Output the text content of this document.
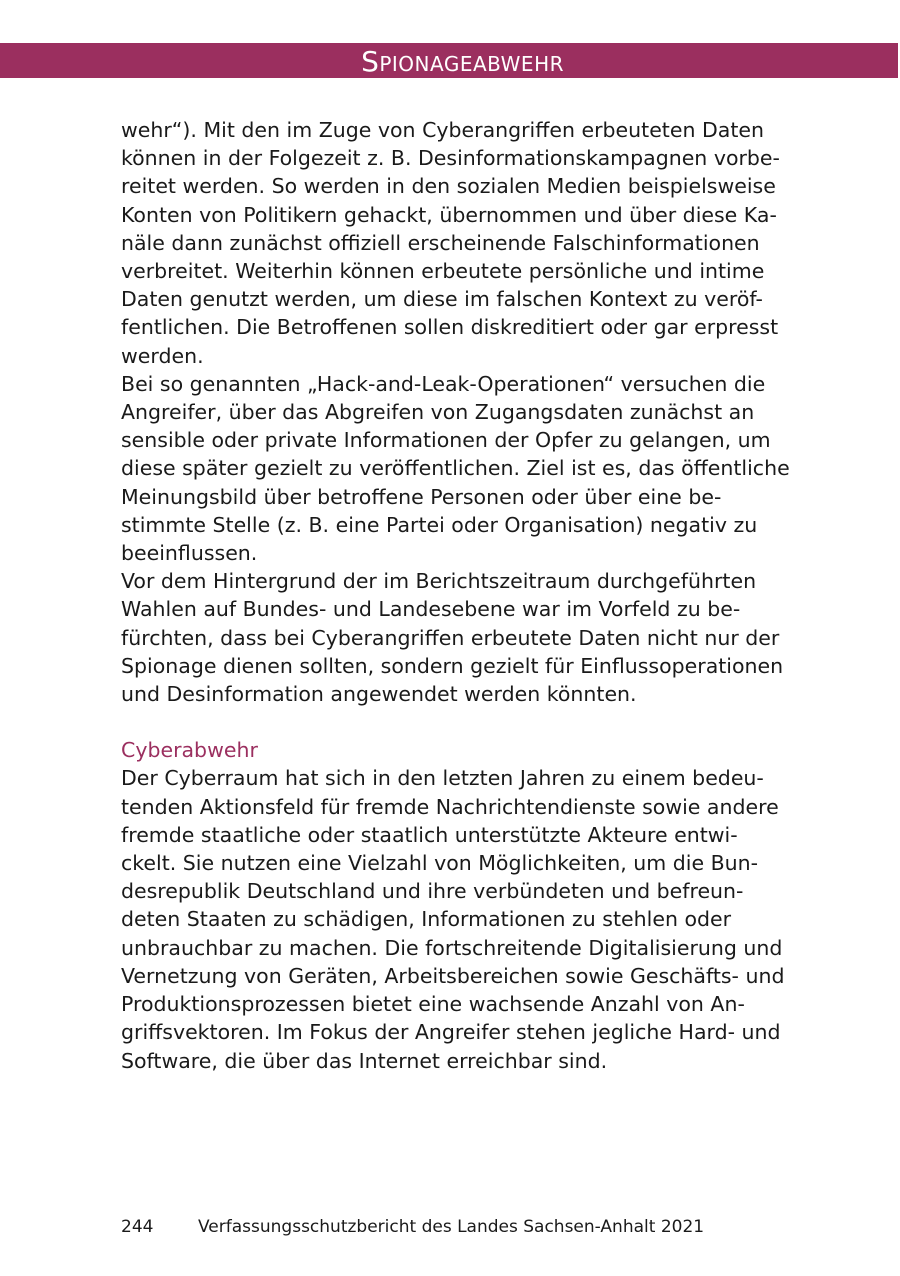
Spionageabwehr

wehr“). Mit den im Zuge von Cyberangriffen erbeuteten Daten
können in der Folgezeit z. B. Desinformationskampagnen vorbe-
reitet werden. So werden in den sozialen Medien beispielsweise
Konten von Politikern gehackt, übernommen und über diese Ka-
näle dann zunächst offiziell erscheinende Falschinformationen
verbreitet. Weiterhin können erbeutete persönliche und intime
Daten genutzt werden, um diese im falschen Kontext zu veröf-
fentlichen. Die Betroffenen sollen diskreditiert oder gar erpresst
werden.

Bei so genannten „Hack-and-Leak-Operationen“ versuchen die
Angreifer, über das Abgreifen von Zugangsdaten zunächst an
sensible oder private Informationen der Opfer zu gelangen, um
diese später gezielt zu veröffentlichen. Ziel ist es, das öffentliche
Meinungsbild über betroffene Personen oder über eine be-
stimmte Stelle (z. B. eine Partei oder Organisation) negativ zu
beeinflussen.

Vor dem Hintergrund der im Berichtszeitraum durchgeführten
Wahlen auf Bundes- und Landesebene war im Vorfeld zu be-
fürchten, dass bei Cyberangriffen erbeutete Daten nicht nur der
Spionage dienen sollten, sondern gezielt für Einflussoperationen
und Desinformation angewendet werden könnten.

Cyberabwehr

Der Cyberraum hat sich in den letzten Jahren zu einem bedeu-
tenden Aktionsfeld für fremde Nachrichtendienste sowie andere
fremde staatliche oder staatlich unterstützte Akteure entwi-
ckelt. Sie nutzen eine Vielzahl von Möglichkeiten, um die Bun-
desrepublik Deutschland und ihre verbündeten und befreun-
deten Staaten zu schädigen, Informationen zu stehlen oder
unbrauchbar zu machen. Die fortschreitende Digitalisierung und
Vernetzung von Geräten, Arbeitsbereichen sowie Geschäfts- und
Produktionsprozessen bietet eine wachsende Anzahl von An-
griffsvektoren. Im Fokus der Angreifer stehen jegliche Hard- und
Software, die über das Internet erreichbar sind.

244	Verfassungsschutzbericht des Landes Sachsen-Anhalt 2021
